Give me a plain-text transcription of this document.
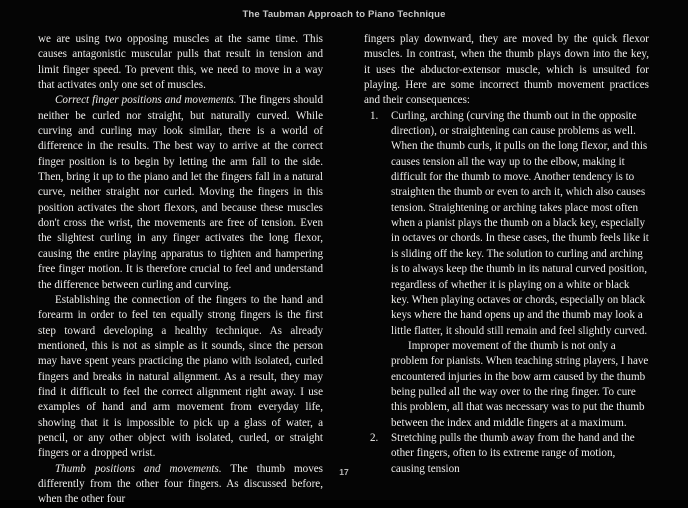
The Taubman Approach to Piano Technique

we are using two opposing muscles at the same time. This causes antagonistic muscular pulls that result in tension and limit finger speed. To prevent this, we need to move in a way that activates only one set of muscles.

Correct finger positions and movements. The fingers should neither be curled nor straight, but naturally curved. While curving and curling may look similar, there is a world of difference in the results. The best way to arrive at the correct finger position is to begin by letting the arm fall to the side. Then, bring it up to the piano and let the fingers fall in a natural curve, neither straight nor curled. Moving the fingers in this position activates the short flexors, and because these muscles don't cross the wrist, the movements are free of tension. Even the slightest curling in any finger activates the long flexor, causing the entire playing apparatus to tighten and hampering free finger motion. It is therefore crucial to feel and understand the difference between curling and curving.

Establishing the connection of the fingers to the hand and forearm in order to feel ten equally strong fingers is the first step toward developing a healthy technique. As already mentioned, this is not as simple as it sounds, since the person may have spent years practicing the piano with isolated, curled fingers and breaks in natural alignment. As a result, they may find it difficult to feel the correct alignment right away. I use examples of hand and arm movement from everyday life, showing that it is impossible to pick up a glass of water, a pencil, or any other object with isolated, curled, or straight fingers or a dropped wrist.

Thumb positions and movements. The thumb moves differently from the other four fingers. As discussed before, when the other four

fingers play downward, they are moved by the quick flexor muscles. In contrast, when the thumb plays down into the key, it uses the abductor-extensor muscle, which is unsuited for playing. Here are some incorrect thumb movement practices and their consequences:

1. Curling, arching (curving the thumb out in the opposite direction), or straightening can cause problems as well. When the thumb curls, it pulls on the long flexor, and this causes tension all the way up to the elbow, making it difficult for the thumb to move. Another tendency is to straighten the thumb or even to arch it, which also causes tension. Straightening or arching takes place most often when a pianist plays the thumb on a black key, especially in octaves or chords. In these cases, the thumb feels like it is sliding off the key. The solution to curling and arching is to always keep the thumb in its natural curved position, regardless of whether it is playing on a white or black key. When playing octaves or chords, especially on black keys where the hand opens up and the thumb may look a little flatter, it should still remain and feel slightly curved.
Improper movement of the thumb is not only a problem for pianists. When teaching string players, I have encountered injuries in the bow arm caused by the thumb being pulled all the way over to the ring finger. To cure this problem, all that was necessary was to put the thumb between the index and middle fingers at a maximum.
2. Stretching pulls the thumb away from the hand and the other fingers, often to its extreme range of motion, causing tension
17
